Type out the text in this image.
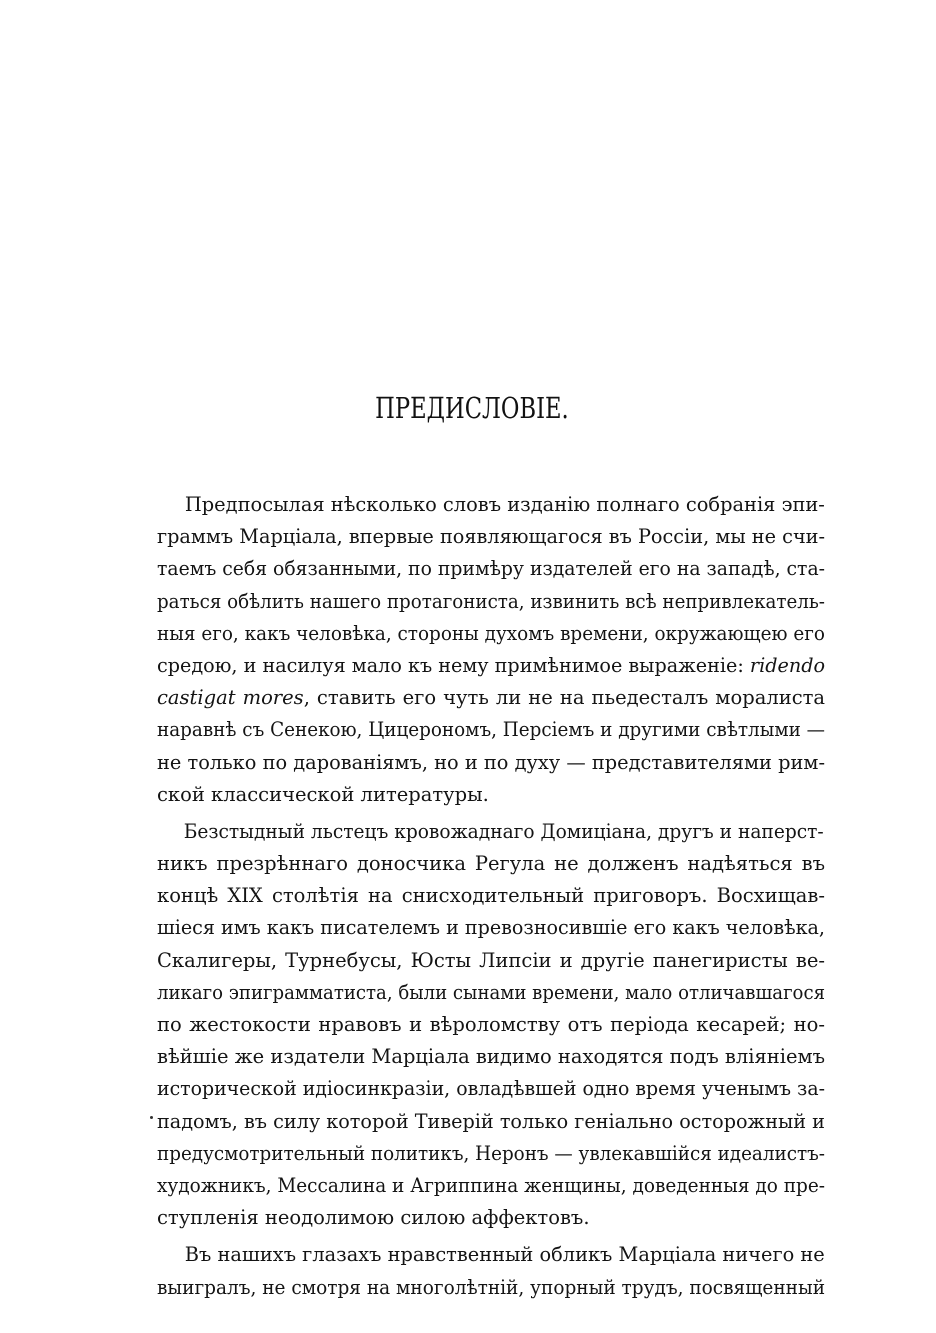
ПРЕДИСЛОВІЕ.
Предпосылая нѣсколько словъ изданію полнаго собранія эпи-
граммъ Марціала, впервые появляющагося въ Россіи, мы не счи-
таемъ себя обязанными, по примѣру издателей его на западѣ, ста-
раться обѣлить нашего протагониста, извинить всѣ непривлекатель-
ныя его, какъ человѣка, стороны духомъ времени, окружающею его
средою, и насилуя мало къ нему примѣнимое выраженіе: ridendo
castigat mores, ставить его чуть ли не на пьедесталъ моралиста
наравнѣ съ Сенекою, Цицерономъ, Персіемъ и другими свѣтлыми —
не только по дарованіямъ, но и по духу — представителями рим-
ской классической литературы.
Безстыдный льстецъ кровожаднаго Домиціана, другъ и наперст-
никъ презрѣннаго доносчика Регула не долженъ надѣяться въ
концѣ XIX столѣтія на снисходительный приговоръ. Восхищав-
шіеся имъ какъ писателемъ и превозносившіе его какъ человѣка,
Скалигеры, Турнебусы, Юсты Липсіи и другіе панегиристы ве-
ликаго эпиграмматиста, были сынами времени, мало отличавшагося
по жестокости нравовъ и вѣроломству отъ періода кесарей; но-
вѣйшіе же издатели Марціала видимо находятся подъ вліяніемъ
исторической идіосинкразіи, овладѣвшей одно время ученымъ за-
падомъ, въ силу которой Тиверій только геніально осторожный и
предусмотрительный политикъ, Неронъ — увлекавшійся идеалистъ-
художникъ, Мессалина и Агриппина женщины, доведенныя до пре-
ступленія неодолимою силою аффектовъ.
Въ нашихъ глазахъ нравственный обликъ Марціала ничего не
выигралъ, не смотря на многолѣтній, упорный трудъ, посвященный
